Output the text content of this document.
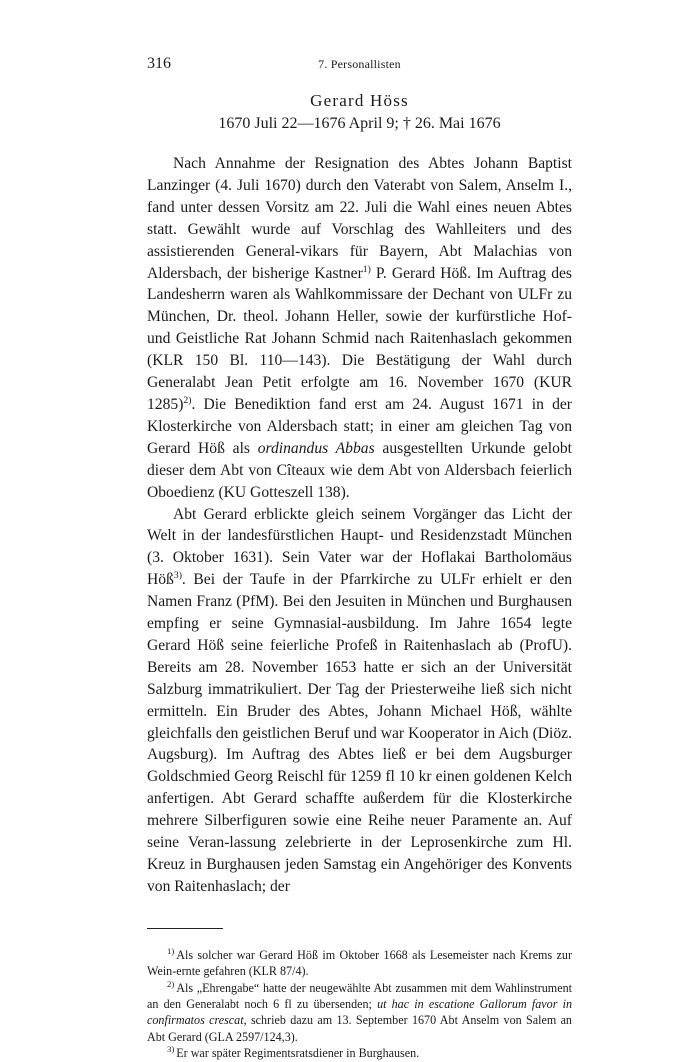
316	7. Personallisten
Gerard Höss
1670 Juli 22—1676 April 9; † 26. Mai 1676

Nach Annahme der Resignation des Abtes Johann Baptist Lanzinger (4. Juli 1670) durch den Vaterabt von Salem, Anselm I., fand unter dessen Vorsitz am 22. Juli die Wahl eines neuen Abtes statt. Gewählt wurde auf Vorschlag des Wahlleiters und des assistierenden General-vikars für Bayern, Abt Malachias von Aldersbach, der bisherige Kastner$^{1)}$ P. Gerard Höß. Im Auftrag des Landesherrn waren als Wahlkommissare der Dechant von ULFr zu München, Dr. theol. Johann Heller, sowie der kurfürstliche Hof- und Geistliche Rat Johann Schmid nach Raitenhaslach gekommen (KLR 150 Bl. 110—143). Die Bestätigung der Wahl durch Generalabt Jean Petit erfolgte am 16. November 1670 (KUR 1285)$^{2)}$. Die Benediktion fand erst am 24. August 1671 in der Klosterkirche von Aldersbach statt; in einer am gleichen Tag von Gerard Höß als ordinandus Abbas ausgestellten Urkunde gelobt dieser dem Abt von Cîteaux wie dem Abt von Aldersbach feierlich Oboedienz (KU Gotteszell 138).

Abt Gerard erblickte gleich seinem Vorgänger das Licht der Welt in der landesfürstlichen Haupt- und Residenzstadt München (3. Oktober 1631). Sein Vater war der Hoflakai Bartholomäus Höß$^{3)}$. Bei der Taufe in der Pfarrkirche zu ULFr erhielt er den Namen Franz (PfM). Bei den Jesuiten in München und Burghausen empfing er seine Gymnasial-ausbildung. Im Jahre 1654 legte Gerard Höß seine feierliche Profeß in Raitenhaslach ab (ProfU). Bereits am 28. November 1653 hatte er sich an der Universität Salzburg immatrikuliert. Der Tag der Priesterweihe ließ sich nicht ermitteln. Ein Bruder des Abtes, Johann Michael Höß, wählte gleichfalls den geistlichen Beruf und war Kooperator in Aich (Diöz. Augsburg). Im Auftrag des Abtes ließ er bei dem Augsburger Goldschmied Georg Reischl für 1259 fl 10 kr einen goldenen Kelch anfertigen. Abt Gerard schaffte außerdem für die Klosterkirche mehrere Silberfiguren sowie eine Reihe neuer Paramente an. Auf seine Veran-lassung zelebrierte in der Leprosenkirche zum Hl. Kreuz in Burghausen jeden Samstag ein Angehöriger des Konvents von Raitenhaslach; der

$^{1)}$ Als solcher war Gerard Höß im Oktober 1668 als Lesemeister nach Krems zur Wein-ernte gefahren (KLR 87/4).

$^{2)}$ Als „Ehrengabe“ hatte der neugewählte Abt zusammen mit dem Wahlinstrument an den Generalabt noch 6 fl zu übersenden; ut hac in escatione Gallorum favor in confirmatos crescat, schrieb dazu am 13. September 1670 Abt Anselm von Salem an Abt Gerard (GLA 2597/124,3).

$^{3)}$ Er war später Regimentsratsdiener in Burghausen.
